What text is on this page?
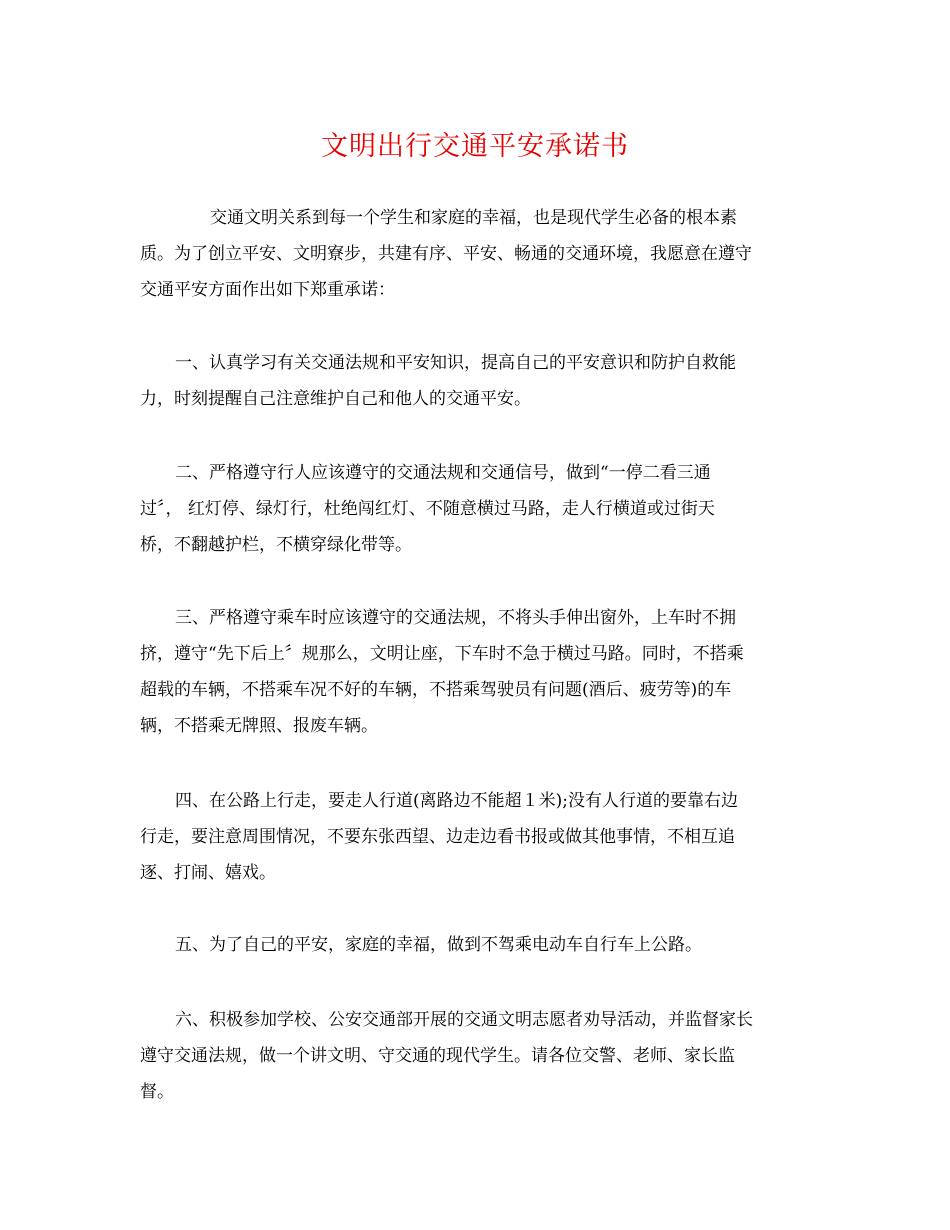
文明出行交通平安承诺书

交通文明关系到每一个学生和家庭的幸福，也是现代学生必备的根本素
质。为了创立平安、文明寮步，共建有序、平安、畅通的交通环境，我愿意在遵守
交通平安方面作出如下郑重承诺：

一、认真学习有关交通法规和平安知识，提高自己的平安意识和防护自救能
力，时刻提醒自己注意维护自己和他人的交通平安。

二、严格遵守行人应该遵守的交通法规和交通信号，做到“一停二看三通
过〞， 红灯停、绿灯行，杜绝闯红灯、不随意横过马路，走人行横道或过街天
桥，不翻越护栏，不横穿绿化带等。

三、严格遵守乘车时应该遵守的交通法规，不将头手伸出窗外，上车时不拥
挤，遵守“先下后上〞规那么，文明让座，下车时不急于横过马路。同时，不搭乘
超载的车辆，不搭乘车况不好的车辆，不搭乘驾驶员有问题(酒后、疲劳等)的车
辆，不搭乘无牌照、报废车辆。

四、在公路上行走，要走人行道(离路边不能超１米);没有人行道的要靠右边
行走，要注意周围情况，不要东张西望、边走边看书报或做其他事情，不相互追
逐、打闹、嬉戏。

五、为了自己的平安，家庭的幸福，做到不驾乘电动车自行车上公路。

六、积极参加学校、公安交通部开展的交通文明志愿者劝导活动，并监督家长
遵守交通法规，做一个讲文明、守交通的现代学生。请各位交警、老师、家长监
督。
